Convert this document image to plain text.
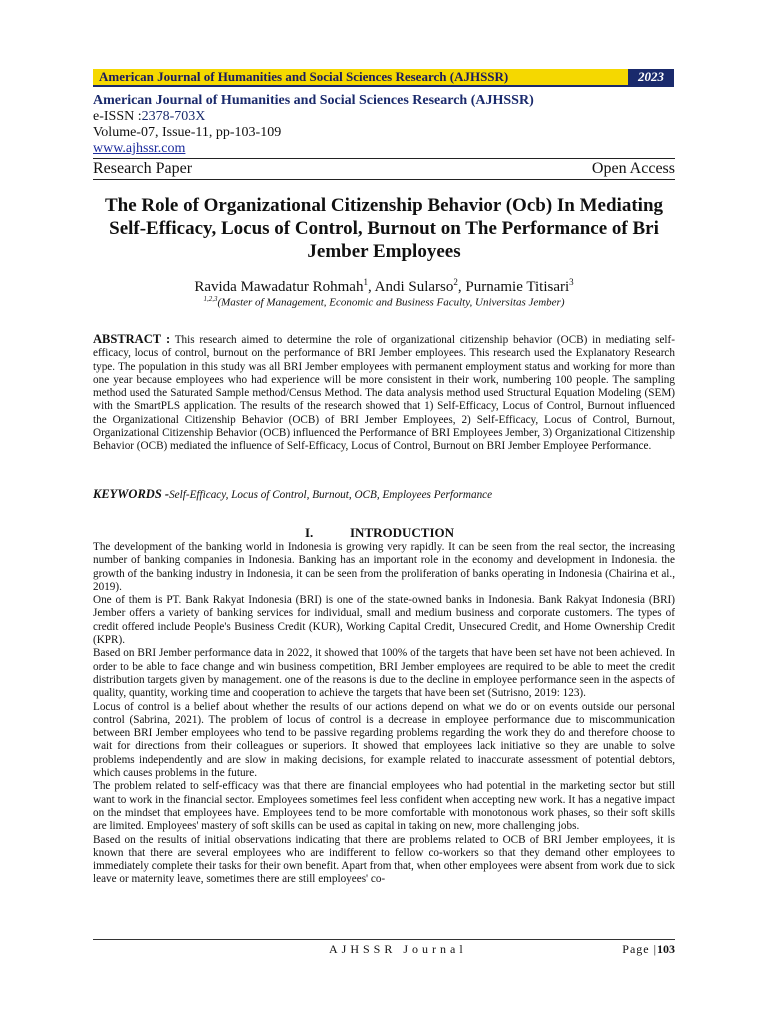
American Journal of Humanities and Social Sciences Research (AJHSSR)	2023
American Journal of Humanities and Social Sciences Research (AJHSSR)
e-ISSN :2378-703X
Volume-07, Issue-11, pp-103-109
www.ajhssr.com
Research Paper	Open Access
The Role of Organizational Citizenship Behavior (Ocb) In Mediating Self-Efficacy, Locus of Control, Burnout on The Performance of Bri Jember Employees
Ravida Mawadatur Rohmah$^1$, Andi Sularso$^2$, Purnamie Titisari$^3$
$^{1,2,3}$(Master of Management, Economic and Business Faculty, Universitas Jember)
ABSTRACT : This research aimed to determine the role of organizational citizenship behavior (OCB) in mediating self-efficacy, locus of control, burnout on the performance of BRI Jember employees. This research used the Explanatory Research type. The population in this study was all BRI Jember employees with permanent employment status and working for more than one year because employees who had experience will be more consistent in their work, numbering 100 people. The sampling method used the Saturated Sample method/Census Method. The data analysis method used Structural Equation Modeling (SEM) with the SmartPLS application. The results of the research showed that 1) Self-Efficacy, Locus of Control, Burnout influenced the Organizational Citizenship Behavior (OCB) of BRI Jember Employees, 2) Self-Efficacy, Locus of Control, Burnout, Organizational Citizenship Behavior (OCB) influenced the Performance of BRI Employees Jember, 3) Organizational Citizenship Behavior (OCB) mediated the influence of Self-Efficacy, Locus of Control, Burnout on BRI Jember Employee Performance.
KEYWORDS -Self-Efficacy, Locus of Control, Burnout, OCB, Employees Performance
I.	INTRODUCTION

The development of the banking world in Indonesia is growing very rapidly. It can be seen from the real sector, the increasing number of banking companies in Indonesia. Banking has an important role in the economy and development in Indonesia. the growth of the banking industry in Indonesia, it can be seen from the proliferation of banks operating in Indonesia (Chairina et al., 2019).

One of them is PT. Bank Rakyat Indonesia (BRI) is one of the state-owned banks in Indonesia. Bank Rakyat Indonesia (BRI) Jember offers a variety of banking services for individual, small and medium business and corporate customers. The types of credit offered include People's Business Credit (KUR), Working Capital Credit, Unsecured Credit, and Home Ownership Credit (KPR).

Based on BRI Jember performance data in 2022, it showed that 100% of the targets that have been set have not been achieved. In order to be able to face change and win business competition, BRI Jember employees are required to be able to meet the credit distribution targets given by management. one of the reasons is due to the decline in employee performance seen in the aspects of quality, quantity, working time and cooperation to achieve the targets that have been set (Sutrisno, 2019: 123).

Locus of control is a belief about whether the results of our actions depend on what we do or on events outside our personal control (Sabrina, 2021). The problem of locus of control is a decrease in employee performance due to miscommunication between BRI Jember employees who tend to be passive regarding problems regarding the work they do and therefore choose to wait for directions from their colleagues or superiors. It showed that employees lack initiative so they are unable to solve problems independently and are slow in making decisions, for example related to inaccurate assessment of potential debtors, which causes problems in the future.

The problem related to self-efficacy was that there are financial employees who had potential in the marketing sector but still want to work in the financial sector. Employees sometimes feel less confident when accepting new work. It has a negative impact on the mindset that employees have. Employees tend to be more comfortable with monotonous work phases, so their soft skills are limited. Employees' mastery of soft skills can be used as capital in taking on new, more challenging jobs.

Based on the results of initial observations indicating that there are problems related to OCB of BRI Jember employees, it is known that there are several employees who are indifferent to fellow co-workers so that they demand other employees to immediately complete their tasks for their own benefit. Apart from that, when other employees were absent from work due to sick leave or maternity leave, sometimes there are still employees' co-

AJHSSR Journal	Page |103
